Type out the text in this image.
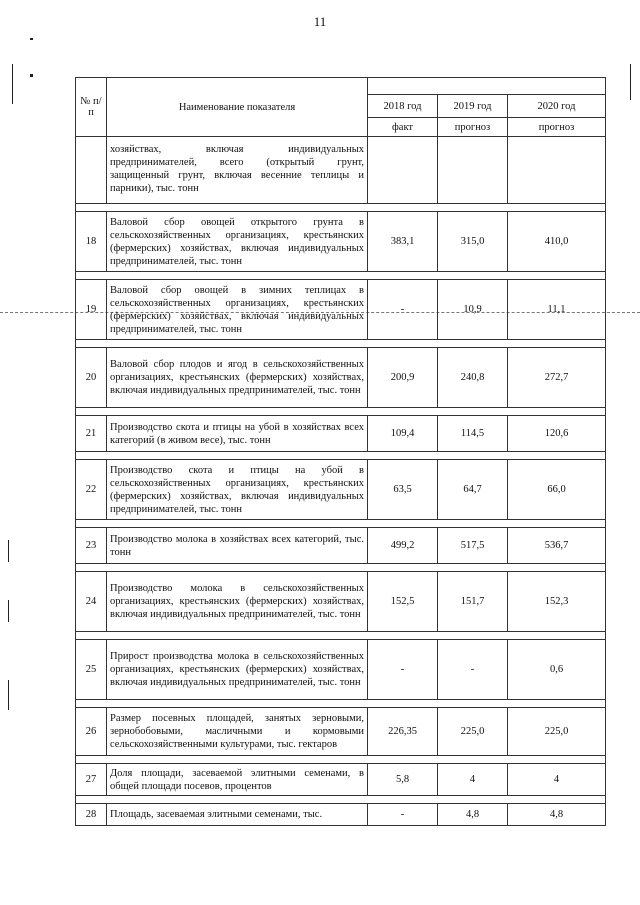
11
№ п/п	Наименование показателя			
		2018 год	2019 год	2020 год
		факт	прогноз	прогноз

	хозяйствах, включая индивидуальных предпринимателей, всего (открытый грунт, защищенный грунт, включая весенние теплицы и парники), тыс. тонн			

18	Валовой сбор овощей открытого грунта в сельскохозяйственных организациях, крестьянских (фермерских) хозяйствах, включая индивидуальных предпринимателей, тыс. тонн	383,1	315,0	410,0

19	Валовой сбор овощей в зимних теплицах в сельскохозяйственных организациях, крестьянских (фермерских) хозяйствах, включая индивидуальных предпринимателей, тыс. тонн	-	10,9	11,1

20	Валовой сбор плодов и ягод в сельскохозяйственных организациях, крестьянских (фермерских) хозяйствах, включая индивидуальных предпринимателей, тыс. тонн	200,9	240,8	272,7

21	Производство скота и птицы на убой в хозяйствах всех категорий (в живом весе), тыс. тонн	109,4	114,5	120,6

22	Производство скота и птицы на убой в сельскохозяйственных организациях, крестьянских (фермерских) хозяйствах, включая индивидуальных предпринимателей, тыс. тонн	63,5	64,7	66,0

23	Производство молока в хозяйствах всех категорий, тыс. тонн	499,2	517,5	536,7

24	Производство молока в сельскохозяйственных организациях, крестьянских (фермерских) хозяйствах, включая индивидуальных предпринимателей, тыс. тонн	152,5	151,7	152,3

25	Прирост производства молока в сельскохозяйственных организациях, крестьянских (фермерских) хозяйствах, включая индивидуальных предпринимателей, тыс. тонн	-	-	0,6

26	Размер посевных площадей, занятых зерновыми, зернобобовыми, масличными и кормовыми сельскохозяйственными культурами, тыс. гектаров	226,35	225,0	225,0

27	Доля площади, засеваемой элитными семенами, в общей площади посевов, процентов	5,8	4	4

28	Площадь, засеваемая элитными семенами, тыс.	-	4,8	4,8
